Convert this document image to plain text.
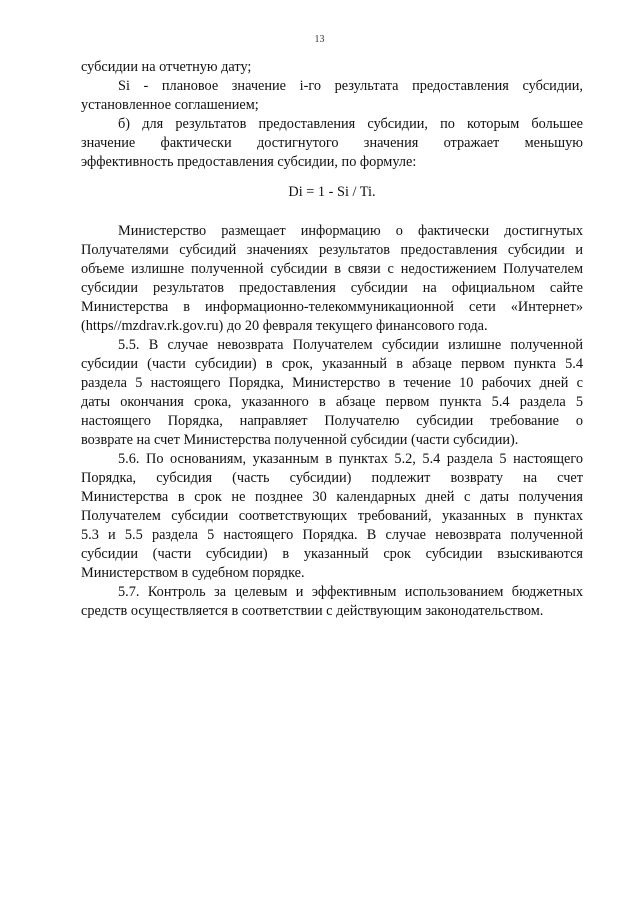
13
субсидии на отчетную дату;
Si - плановое значение i-го результата предоставления субсидии,
установленное соглашением;
б) для результатов предоставления субсидии, по которым большее
значение фактически достигнутого значения отражает меньшую
эффективность предоставления субсидии, по формуле:
Di = 1 - Si / Ti.
Министерство размещает информацию о фактически достигнутых
Получателями субсидий значениях результатов предоставления субсидии и
объеме излишне полученной субсидии в связи с недостижением Получателем
субсидии результатов предоставления субсидии на официальном сайте
Министерства в информационно-телекоммуникационной сети «Интернет»
(https//mzdrav.rk.gov.ru) до 20 февраля текущего финансового года.
5.5. В случае невозврата Получателем субсидии излишне полученной
субсидии (части субсидии) в срок, указанный в абзаце первом пункта 5.4
раздела 5 настоящего Порядка, Министерство в течение 10 рабочих дней с
даты окончания срока, указанного в абзаце первом пункта 5.4 раздела 5
настоящего Порядка, направляет Получателю субсидии требование о
возврате на счет Министерства полученной субсидии (части субсидии).
5.6. По основаниям, указанным в пунктах 5.2, 5.4 раздела 5 настоящего
Порядка, субсидия (часть субсидии) подлежит возврату на счет
Министерства в срок не позднее 30 календарных дней с даты получения
Получателем субсидии соответствующих требований, указанных в пунктах
5.3 и 5.5 раздела 5 настоящего Порядка. В случае невозврата полученной
субсидии (части субсидии) в указанный срок субсидии взыскиваются
Министерством в судебном порядке.
5.7. Контроль за целевым и эффективным использованием бюджетных
средств осуществляется в соответствии с действующим законодательством.
